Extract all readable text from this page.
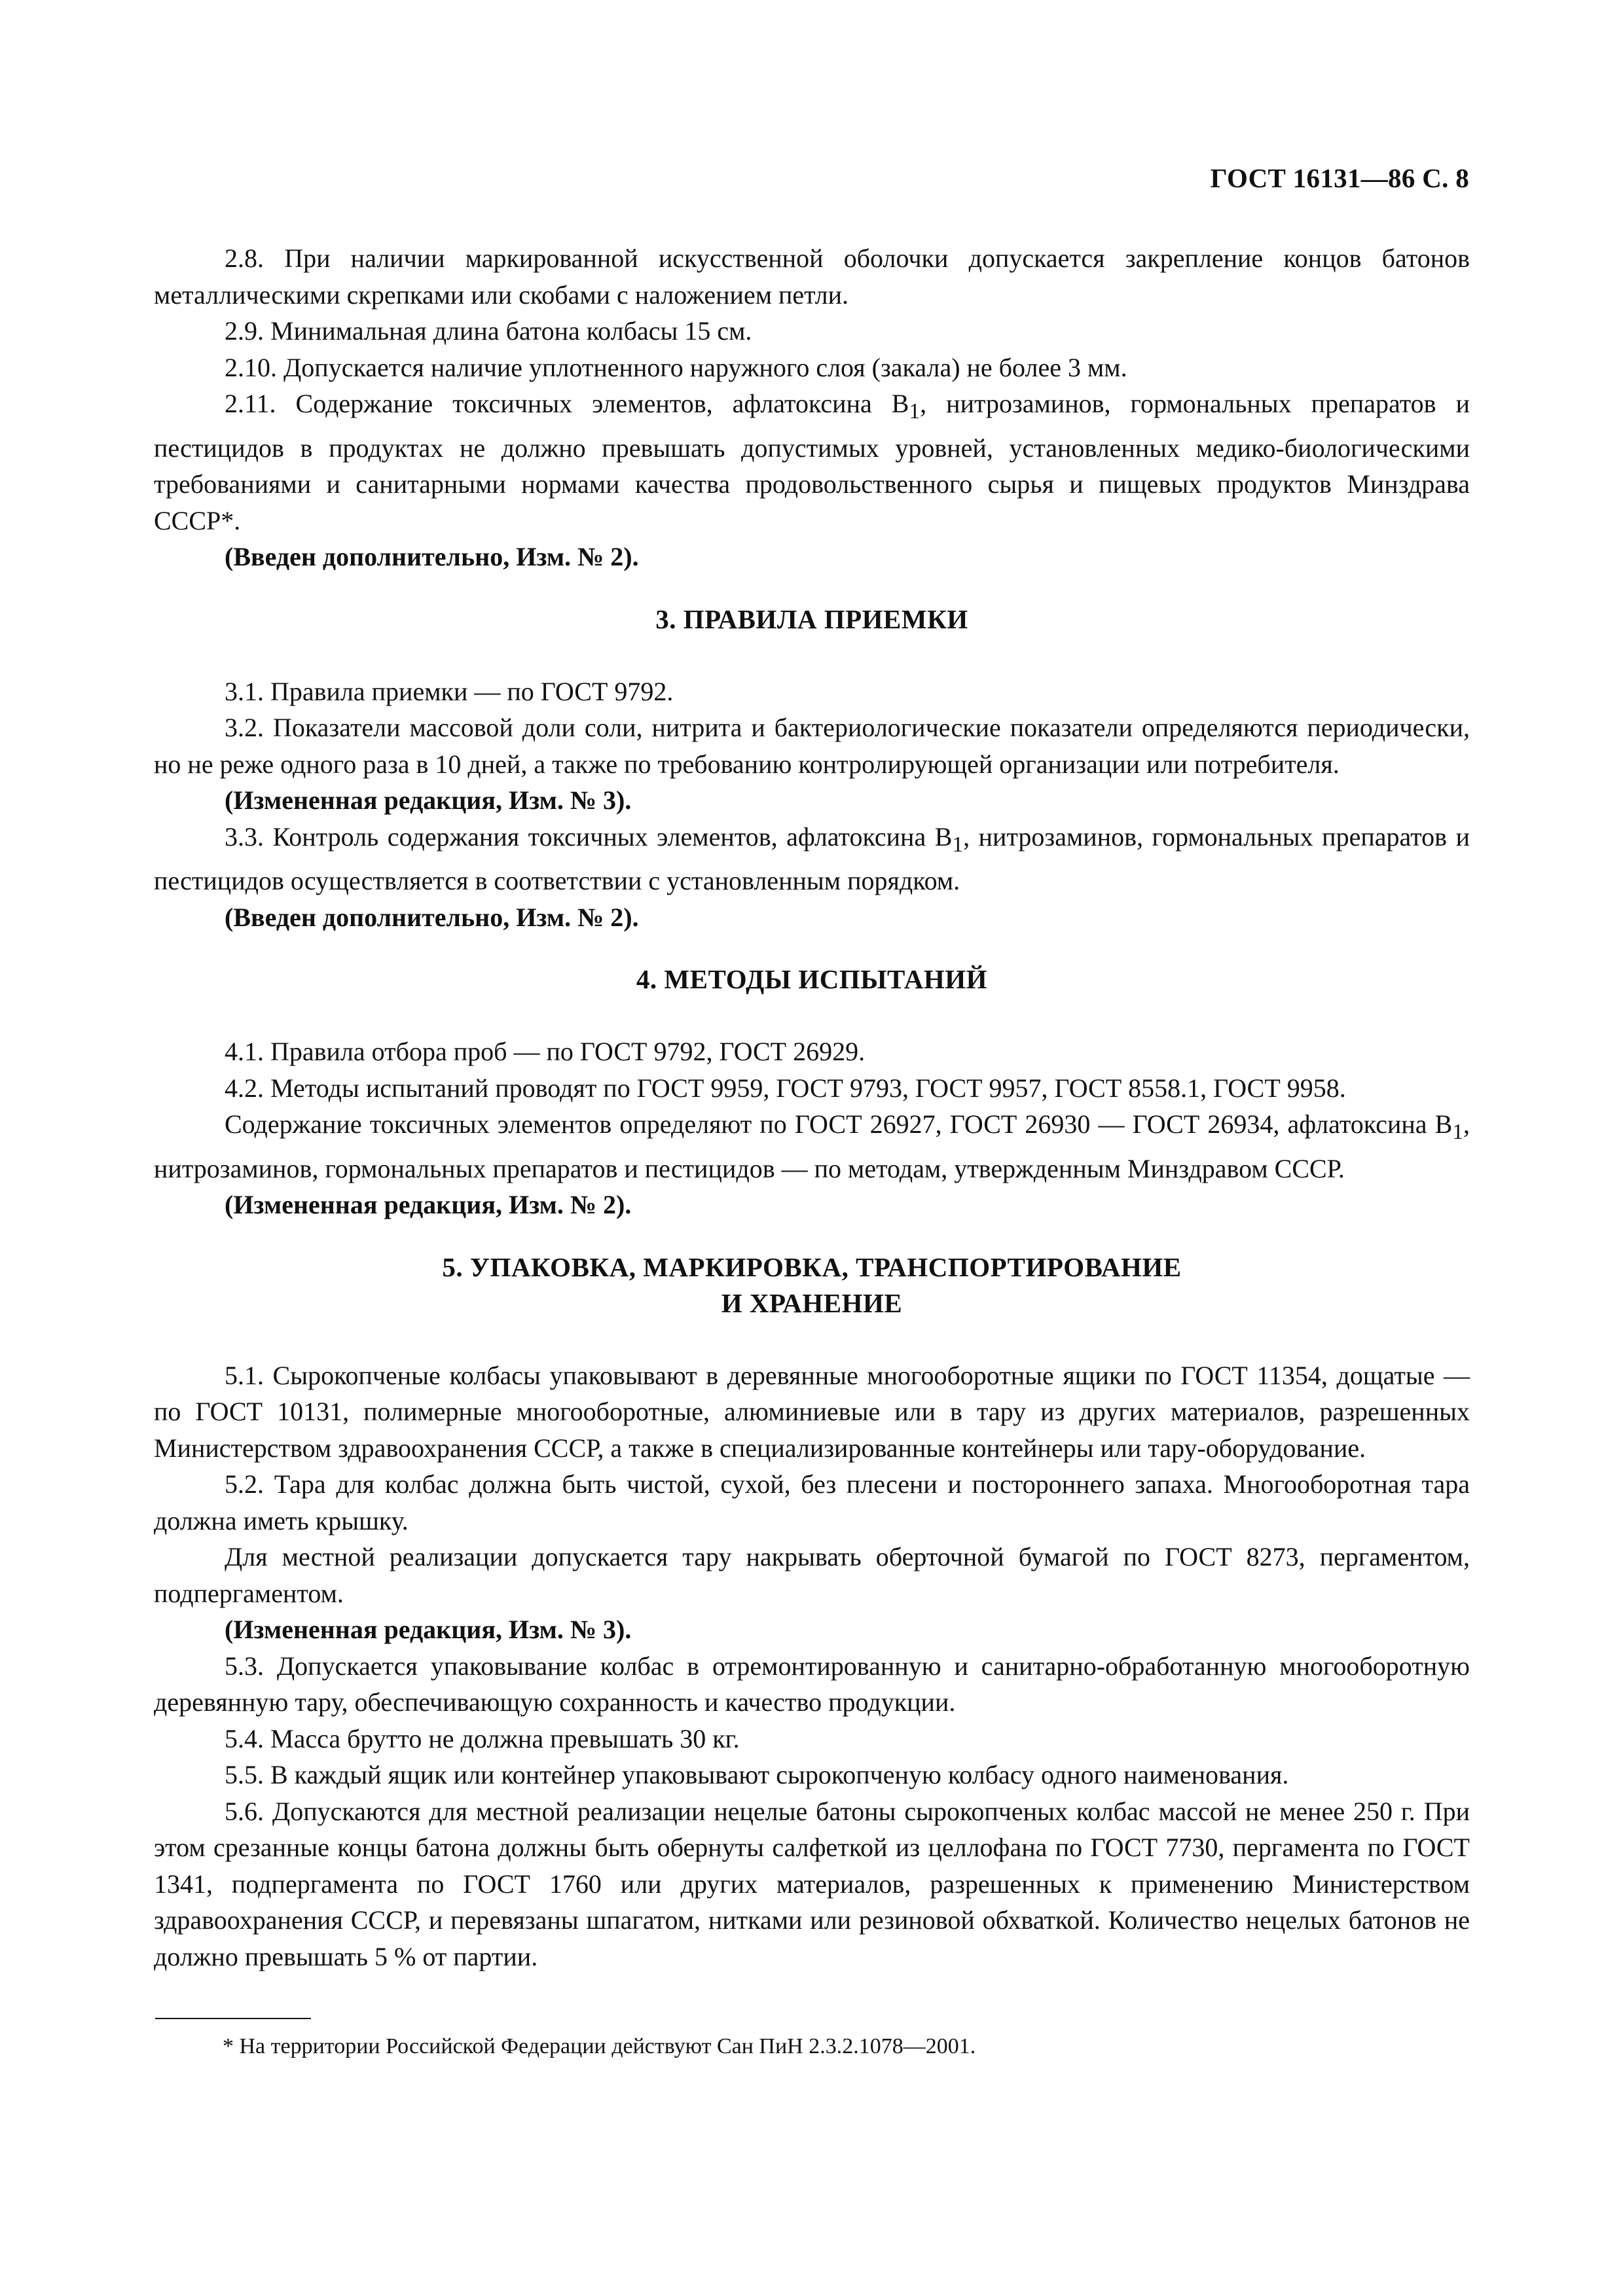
ГОСТ 16131—86 С. 8

2.8. При наличии маркированной искусственной оболочки допускается закрепление концов батонов металлическими скрепками или скобами с наложением петли.

2.9. Минимальная длина батона колбасы 15 см.

2.10. Допускается наличие уплотненного наружного слоя (закала) не более 3 мм.

2.11. Содержание токсичных элементов, афлатоксина $B_1$, нитрозаминов, гормональных препаратов и пестицидов в продуктах не должно превышать допустимых уровней, установленных медико-биологическими требованиями и санитарными нормами качества продовольственного сырья и пищевых продуктов Минздрава СССР*.

(Введен дополнительно, Изм. № 2).

3. ПРАВИЛА ПРИЕМКИ

3.1. Правила приемки — по ГОСТ 9792.

3.2. Показатели массовой доли соли, нитрита и бактериологические показатели определяются периодически, но не реже одного раза в 10 дней, а также по требованию контролирующей организации или потребителя.

(Измененная редакция, Изм. № 3).

3.3. Контроль содержания токсичных элементов, афлатоксина $B_1$, нитрозаминов, гормональных препаратов и пестицидов осуществляется в соответствии с установленным порядком.

(Введен дополнительно, Изм. № 2).

4. МЕТОДЫ ИСПЫТАНИЙ

4.1. Правила отбора проб — по ГОСТ 9792, ГОСТ 26929.

4.2. Методы испытаний проводят по ГОСТ 9959, ГОСТ 9793, ГОСТ 9957, ГОСТ 8558.1, ГОСТ 9958.

Содержание токсичных элементов определяют по ГОСТ 26927, ГОСТ 26930 — ГОСТ 26934, афлатоксина $B_1$, нитрозаминов, гормональных препаратов и пестицидов — по методам, утвержденным Минздравом СССР.

(Измененная редакция, Изм. № 2).

5. УПАКОВКА, МАРКИРОВКА, ТРАНСПОРТИРОВАНИЕ
И ХРАНЕНИЕ

5.1. Сырокопченые колбасы упаковывают в деревянные многооборотные ящики по ГОСТ 11354, дощатые — по ГОСТ 10131, полимерные многооборотные, алюминиевые или в тару из других материалов, разрешенных Министерством здравоохранения СССР, а также в специализированные контейнеры или тару-оборудование.

5.2. Тара для колбас должна быть чистой, сухой, без плесени и постороннего запаха. Многооборотная тара должна иметь крышку.

Для местной реализации допускается тару накрывать оберточной бумагой по ГОСТ 8273, пергаментом, подпергаментом.

(Измененная редакция, Изм. № 3).

5.3. Допускается упаковывание колбас в отремонтированную и санитарно-обработанную многооборотную деревянную тару, обеспечивающую сохранность и качество продукции.

5.4. Масса брутто не должна превышать 30 кг.

5.5. В каждый ящик или контейнер упаковывают сырокопченую колбасу одного наименования.

5.6. Допускаются для местной реализации нецелые батоны сырокопченых колбас массой не менее 250 г. При этом срезанные концы батона должны быть обернуты салфеткой из целлофана по ГОСТ 7730, пергамента по ГОСТ 1341, подпергамента по ГОСТ 1760 или других материалов, разрешенных к применению Министерством здравоохранения СССР, и перевязаны шпагатом, нитками или резиновой обхваткой. Количество нецелых батонов не должно превышать 5 % от партии.

* На территории Российской Федерации действуют Сан ПиН 2.3.2.1078—2001.
